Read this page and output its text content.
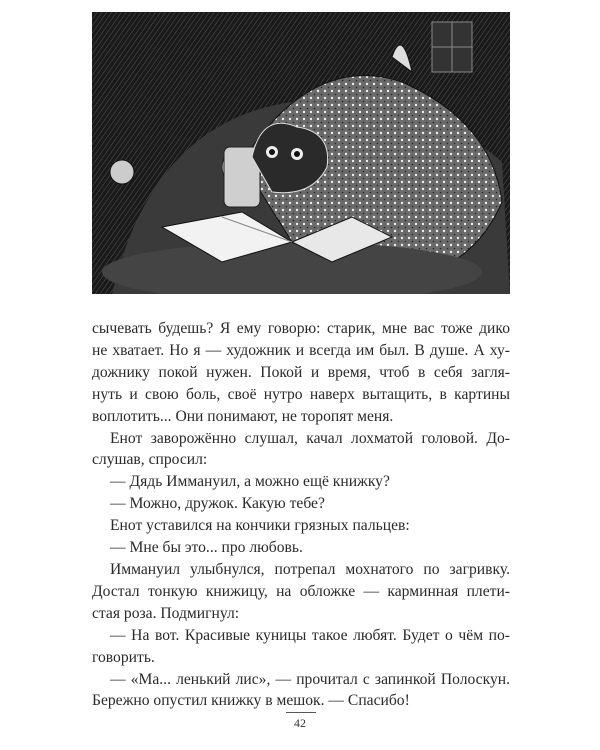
сычевать будешь? Я ему говорю: старик, мне вас тоже дико
не хватает. Но я — художник и всегда им был. В душе. А ху-
дожнику покой нужен. Покой и время, чтоб в себя загля-
нуть и свою боль, своё нутро наверх вытащить, в картины
воплотить... Они понимают, не торопят меня.
Енот заворожённо слушал, качал лохматой головой. До-
слушав, спросил:
— Дядь Иммануил, а можно ещё книжку?
— Можно, дружок. Какую тебе?
Енот уставился на кончики грязных пальцев:
— Мне бы это... про любовь.
Иммануил улыбнулся, потрепал мохнатого по загривку.
Достал тонкую книжицу, на обложке — карминная плети-
стая роза. Подмигнул:
— На вот. Красивые куницы такое любят. Будет о чём по-
говорить.
— «Ма... ленький лис», — прочитал с запинкой Полоскун.
Бережно опустил книжку в мешок. — Спасибо!
42
